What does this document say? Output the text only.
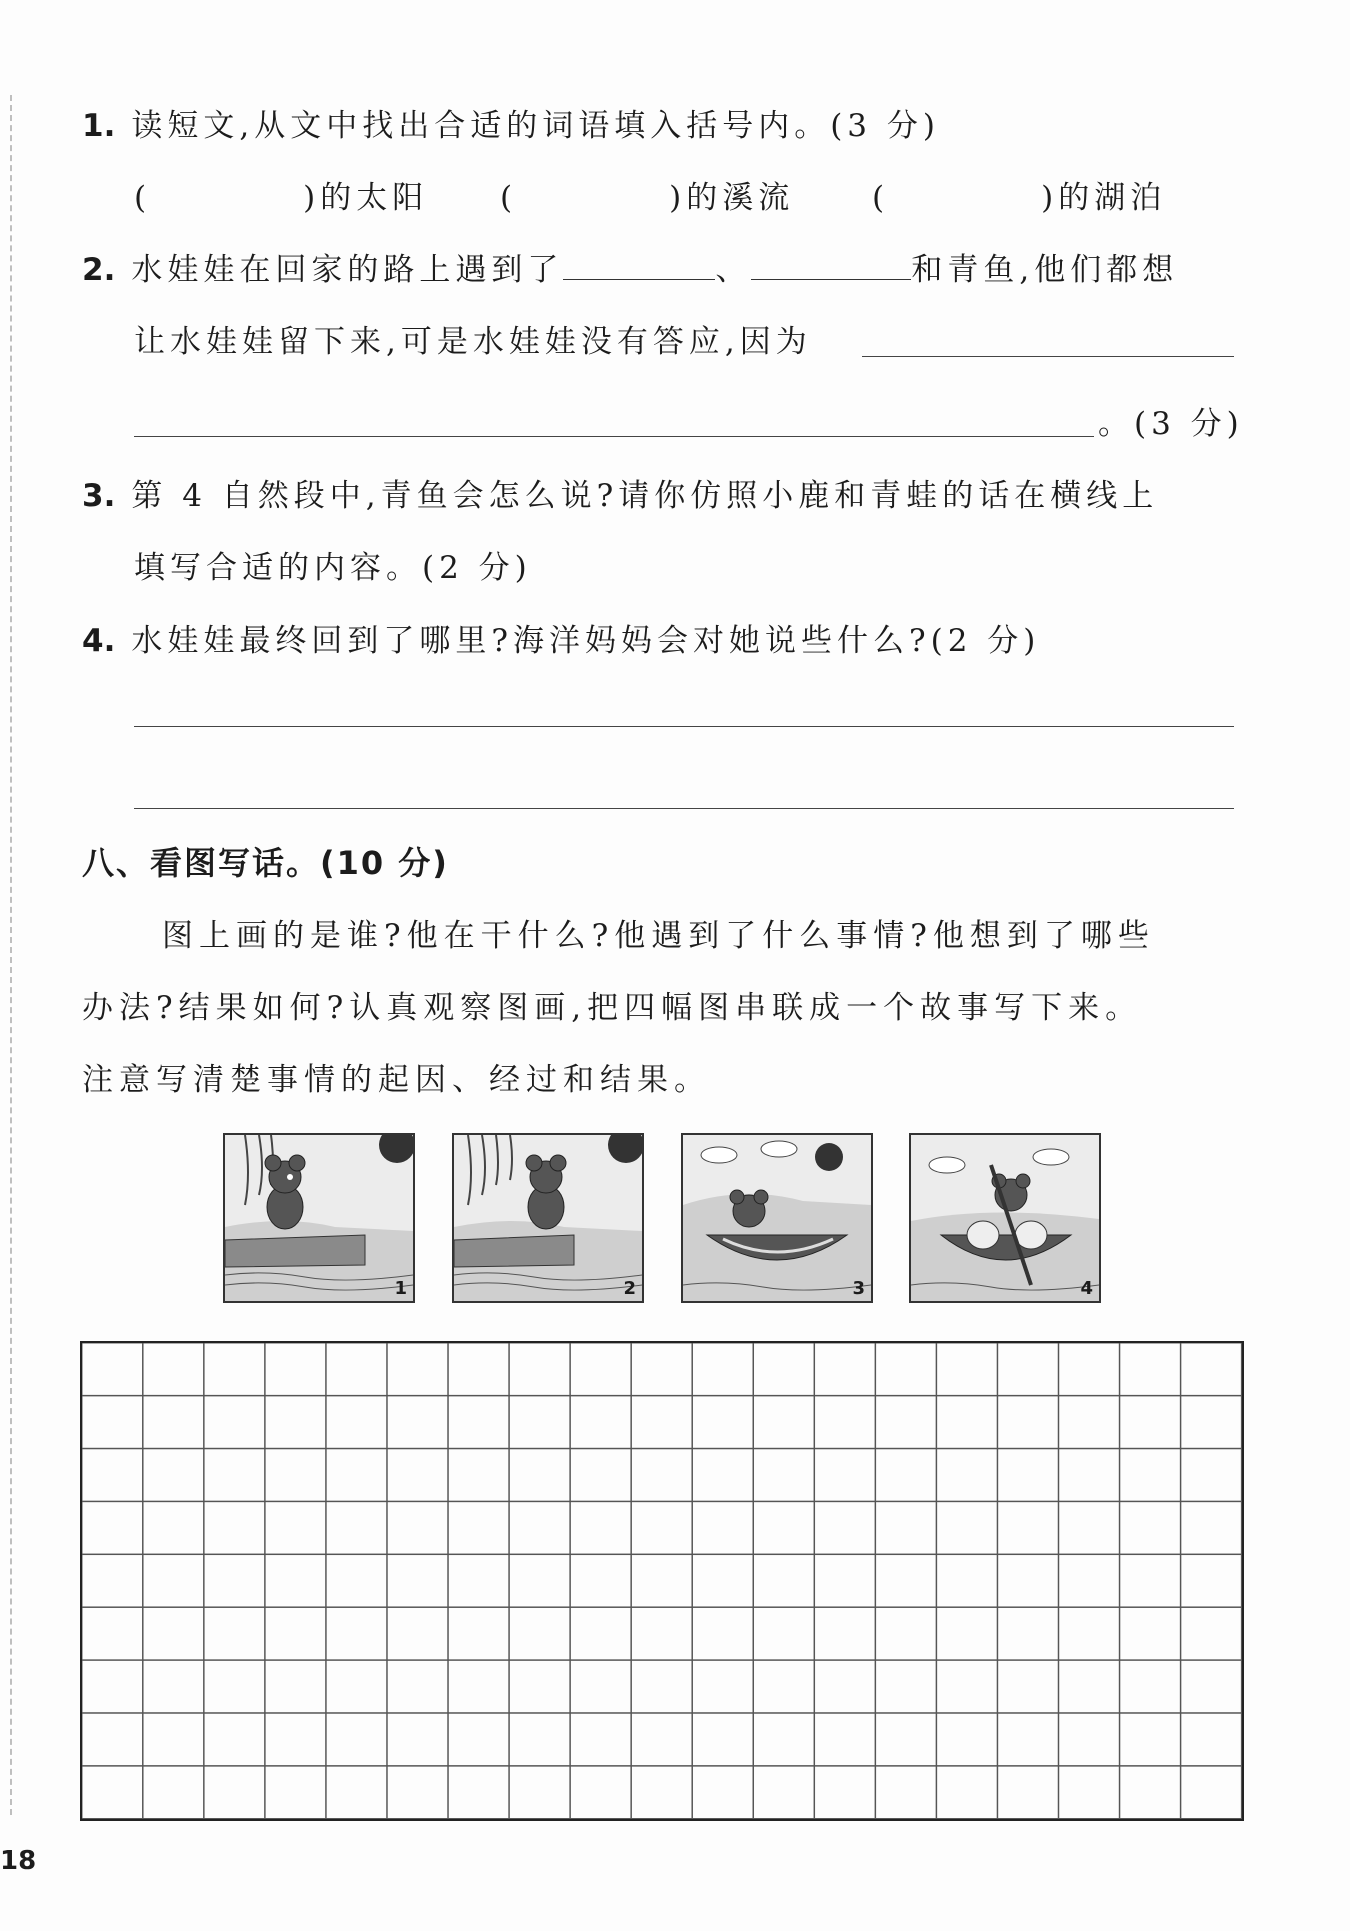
1. 读短文,从文中找出合适的词语填入括号内。(3 分)
(	)的太阳 (	)的溪流	(	)的湖泊
2. 水娃娃在回家的路上遇到了	、	和青鱼,他们都想
让水娃娃留下来,可是水娃娃没有答应,因为
。(3 分)
3. 第 4 自然段中,青鱼会怎么说?请你仿照小鹿和青蛙的话在横线上
填写合适的内容。(2 分)
4. 水娃娃最终回到了哪里?海洋妈妈会对她说些什么?(2 分)
八、看图写话。(10 分)
图上画的是谁?他在干什么?他遇到了什么事情?他想到了哪些
办法?结果如何?认真观察图画,把四幅图串联成一个故事写下来。
注意写清楚事情的起因、经过和结果。
1	2	3	4
18
